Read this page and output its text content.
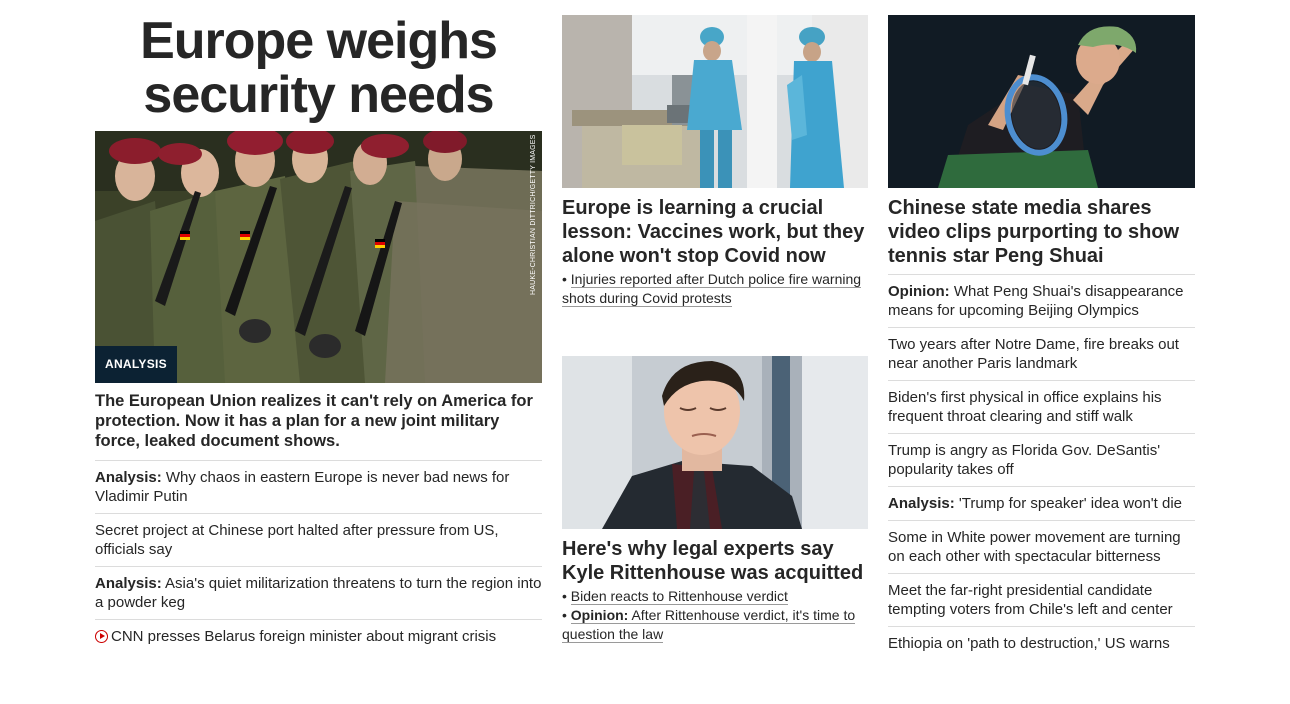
Europe weighs security needs
HAUKE-CHRISTIAN DITTRICH/GETTY IMAGES
ANALYSIS
The European Union realizes it can't rely on America for protection. Now it has a plan for a new joint military force, leaked document shows.
Analysis: Why chaos in eastern Europe is never bad news for Vladimir Putin
Secret project at Chinese port halted after pressure from US, officials say
Analysis: Asia's quiet militarization threatens to turn the region into a powder keg
CNN presses Belarus foreign minister about migrant crisis
Europe is learning a crucial lesson: Vaccines work, but they alone won't stop Covid now
• Injuries reported after Dutch police fire warning shots during Covid protests
Here's why legal experts say Kyle Rittenhouse was acquitted
• Biden reacts to Rittenhouse verdict
• Opinion: After Rittenhouse verdict, it's time to question the law
Chinese state media shares video clips purporting to show tennis star Peng Shuai
Opinion: What Peng Shuai's disappearance means for upcoming Beijing Olympics
Two years after Notre Dame, fire breaks out near another Paris landmark
Biden's first physical in office explains his frequent throat clearing and stiff walk
Trump is angry as Florida Gov. DeSantis' popularity takes off
Analysis: 'Trump for speaker' idea won't die
Some in White power movement are turning on each other with spectacular bitterness
Meet the far-right presidential candidate tempting voters from Chile's left and center
Ethiopia on 'path to destruction,' US warns
